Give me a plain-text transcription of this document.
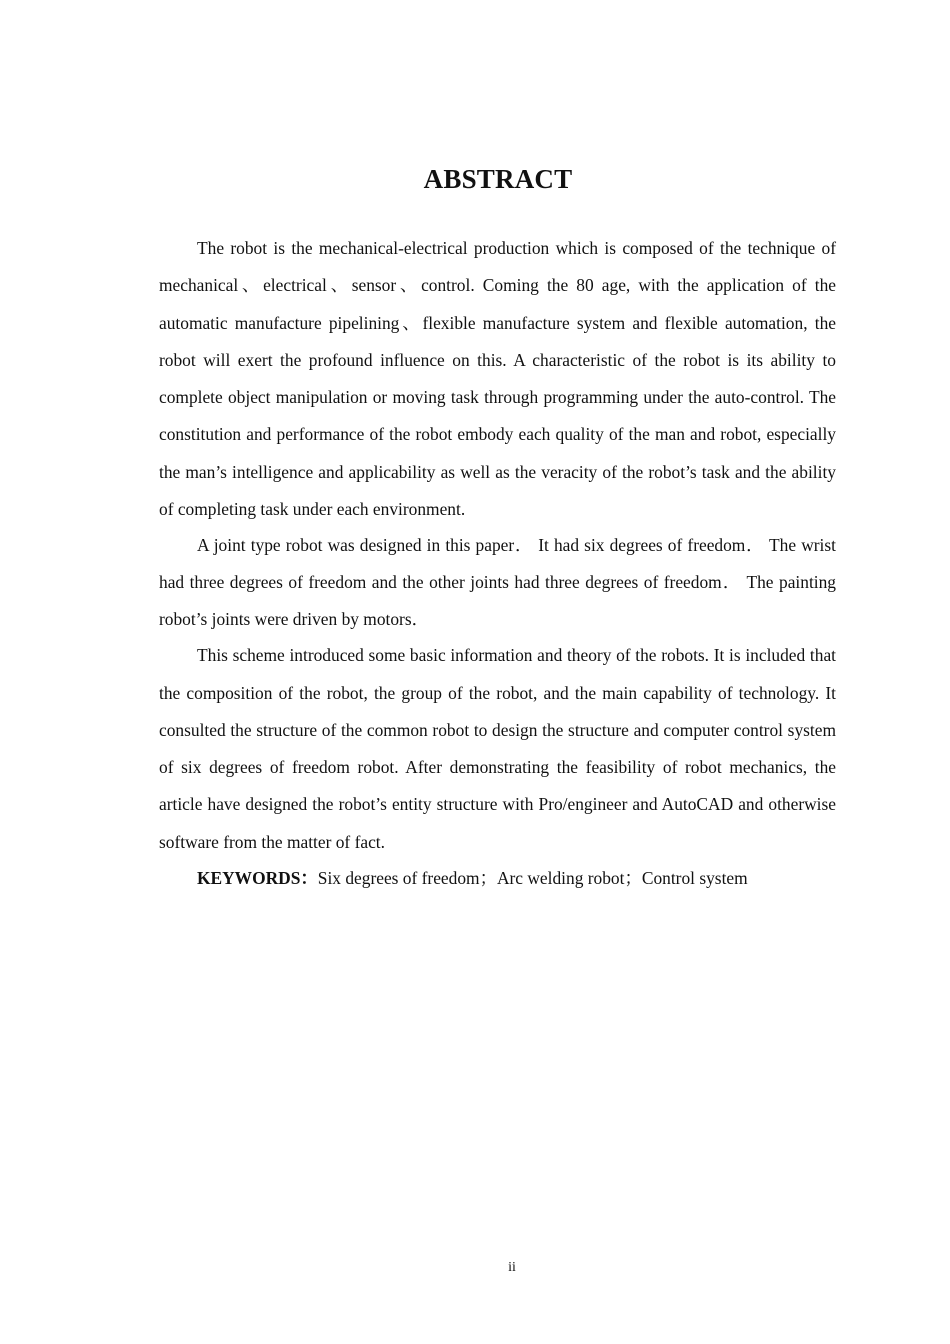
ABSTRACT

The robot is the mechanical-electrical production which is composed of the technique of mechanical、electrical、sensor、control. Coming the 80 age, with the application of the automatic manufacture pipelining、flexible manufacture system and flexible automation, the robot will exert the profound influence on this. A characteristic of the robot is its ability to complete object manipulation or moving task through programming under the auto-control. The constitution and performance of the robot embody each quality of the man and robot, especially the man’s intelligence and applicability as well as the veracity of the robot’s task and the ability of completing task under each environment.

A joint type robot was designed in this paper． It had six degrees of freedom． The wrist had three degrees of freedom and the other joints had three degrees of freedom． The painting robot’s joints were driven by motors．

This scheme introduced some basic information and theory of the robots. It is included that the composition of the robot, the group of the robot, and the main capability of technology. It consulted the structure of the common robot to design the structure and computer control system of six degrees of freedom robot. After demonstrating the feasibility of robot mechanics, the article have designed the robot’s entity structure with Pro/engineer and AutoCAD and otherwise software from the matter of fact.

KEYWORDS：Six degrees of freedom；Arc welding robot；Control system

ii
